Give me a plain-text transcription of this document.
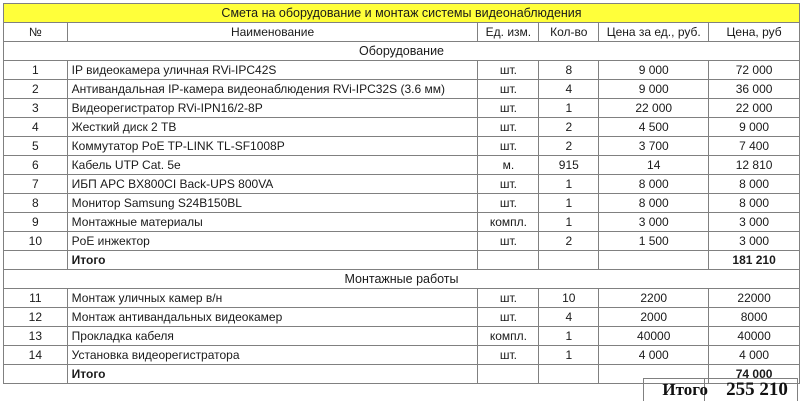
Смета на оборудование и монтаж системы видеонаблюдения					
№	Наименование	Ед. изм.	Кол-во	Цена за ед., руб.	Цена, руб
Оборудование					
1	IP видеокамера уличная RVi-IPC42S	шт.	8	9 000	72 000
2	Антивандальная IP-камера видеонаблюдения RVi-IPC32S (3.6 мм)	шт.	4	9 000	36 000
3	Видеорегистратор RVi-IPN16/2-8P	шт.	1	22 000	22 000
4	Жесткий диск 2 ТВ	шт.	2	4 500	9 000
5	Коммутатор PoE TP-LINK TL-SF1008P	шт.	2	3 700	7 400
6	Кабель UTP Cat. 5e	м.	915	14	12 810
7	ИБП APC BX800CI Back-UPS 800VA	шт.	1	8 000	8 000
8	Монитор Samsung S24B150BL	шт.	1	8 000	8 000
9	Монтажные материалы	компл.	1	3 000	3 000
10	PoE инжектор	шт.	2	1 500	3 000
	Итого				181 210
Монтажные работы					
11	Монтаж уличных камер в/н	шт.	10	2200	22000
12	Монтаж антивандальных видеокамер	шт.	4	2000	8000
13	Прокладка кабеля	компл.	1	40000	40000
14	Установка видеорегистратора	шт.	1	4 000	4 000
	Итого				74 000
Итого 255 210
